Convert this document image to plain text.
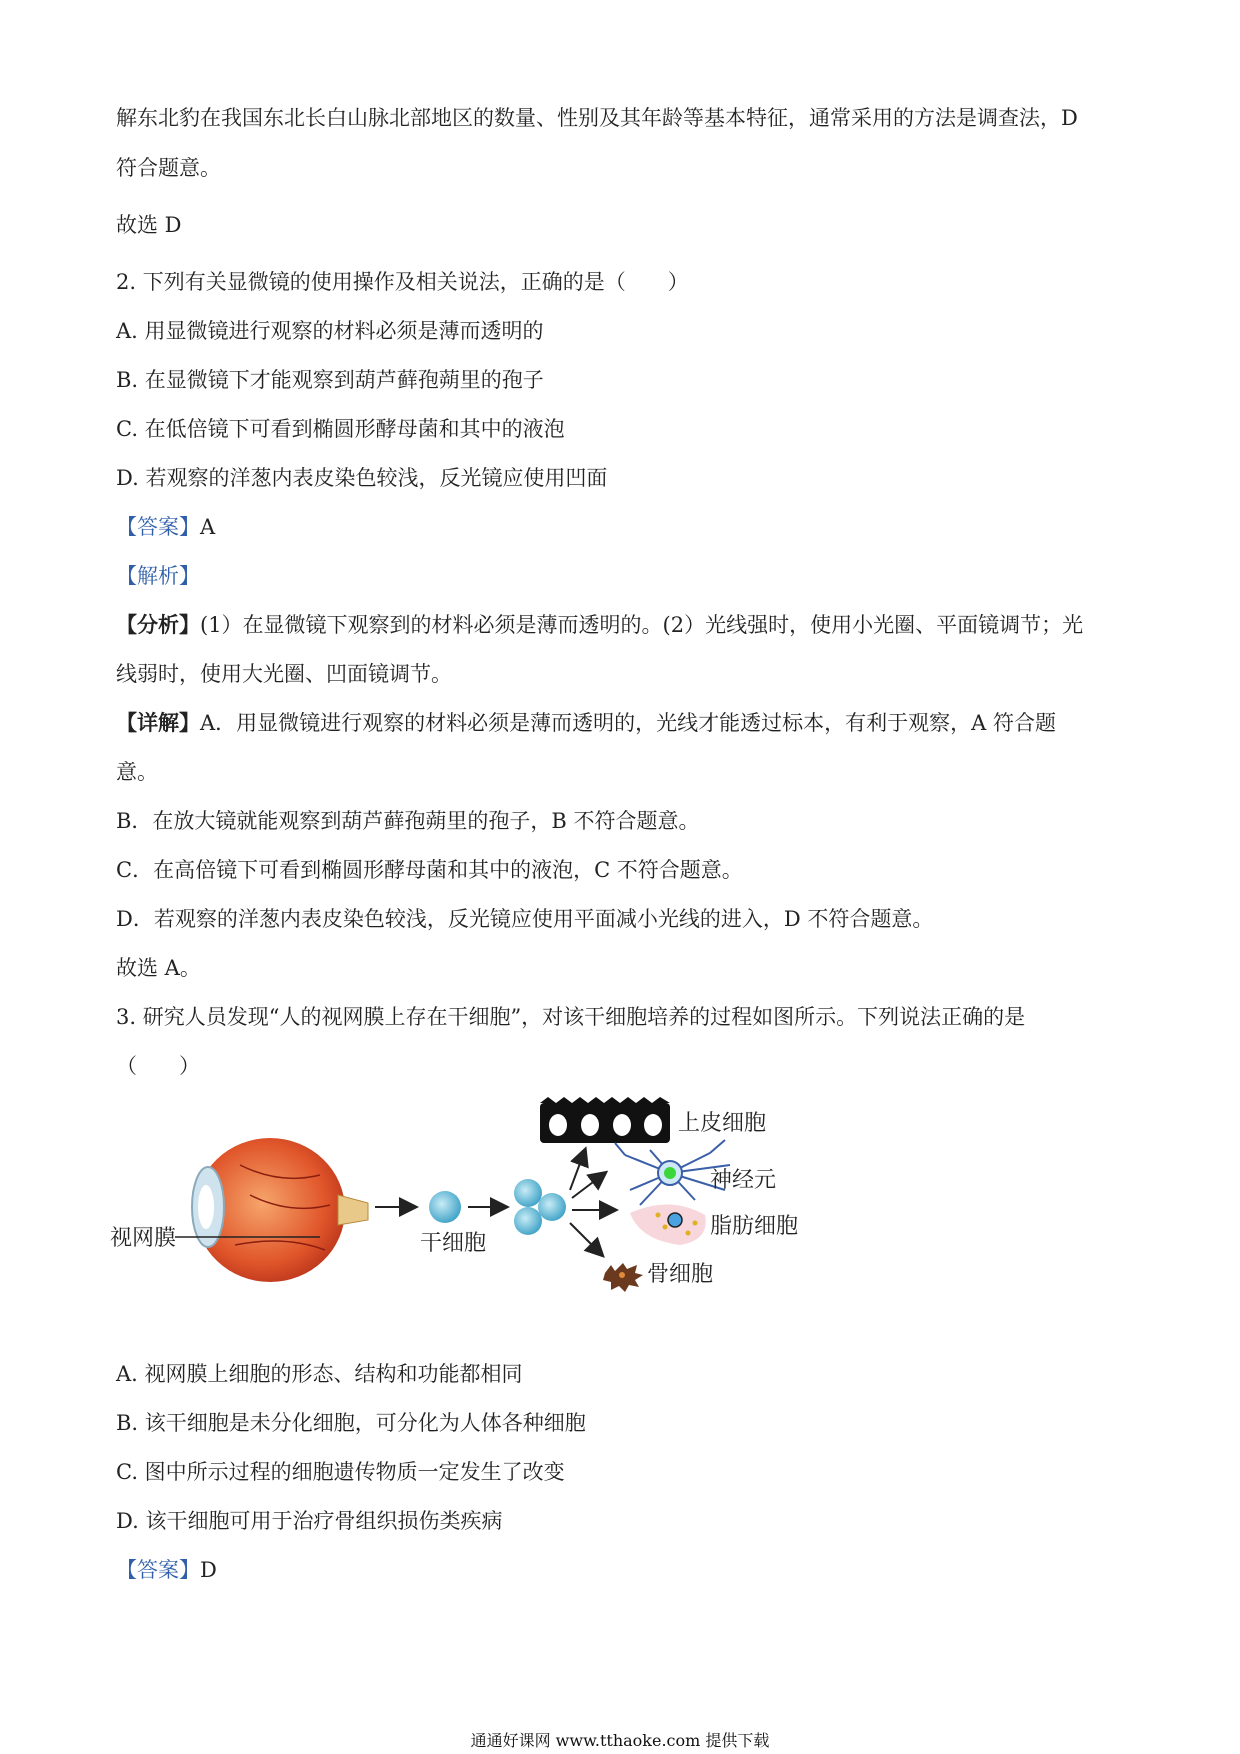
解东北豹在我国东北长白山脉北部地区的数量、性别及其年龄等基本特征，通常采用的方法是调查法，D
符合题意。
故选 D
2. 下列有关显微镜的使用操作及相关说法，正确的是（　　）
A. 用显微镜进行观察的材料必须是薄而透明的
B. 在显微镜下才能观察到葫芦藓孢蒴里的孢子
C. 在低倍镜下可看到椭圆形酵母菌和其中的液泡
D. 若观察的洋葱内表皮染色较浅，反光镜应使用凹面
【答案】A
【解析】
【分析】(1）在显微镜下观察到的材料必须是薄而透明的。(2）光线强时，使用小光圈、平面镜调节；光
线弱时，使用大光圈、凹面镜调节。
【详解】A．用显微镜进行观察的材料必须是薄而透明的，光线才能透过标本，有利于观察，A 符合题
意。
B．在放大镜就能观察到葫芦藓孢蒴里的孢子，B 不符合题意。
C．在高倍镜下可看到椭圆形酵母菌和其中的液泡，C 不符合题意。
D．若观察的洋葱内表皮染色较浅，反光镜应使用平面减小光线的进入，D 不符合题意。
故选 A。
3. 研究人员发现“人的视网膜上存在干细胞”，对该干细胞培养的过程如图所示。下列说法正确的是
（　　）
视网膜	干细胞
上皮细胞
神经元
脂肪细胞
骨细胞
A. 视网膜上细胞的形态、结构和功能都相同
B. 该干细胞是未分化细胞，可分化为人体各种细胞
C. 图中所示过程的细胞遗传物质一定发生了改变
D. 该干细胞可用于治疗骨组织损伤类疾病
【答案】D
通通好课网 www.tthaoke.com 提供下载
